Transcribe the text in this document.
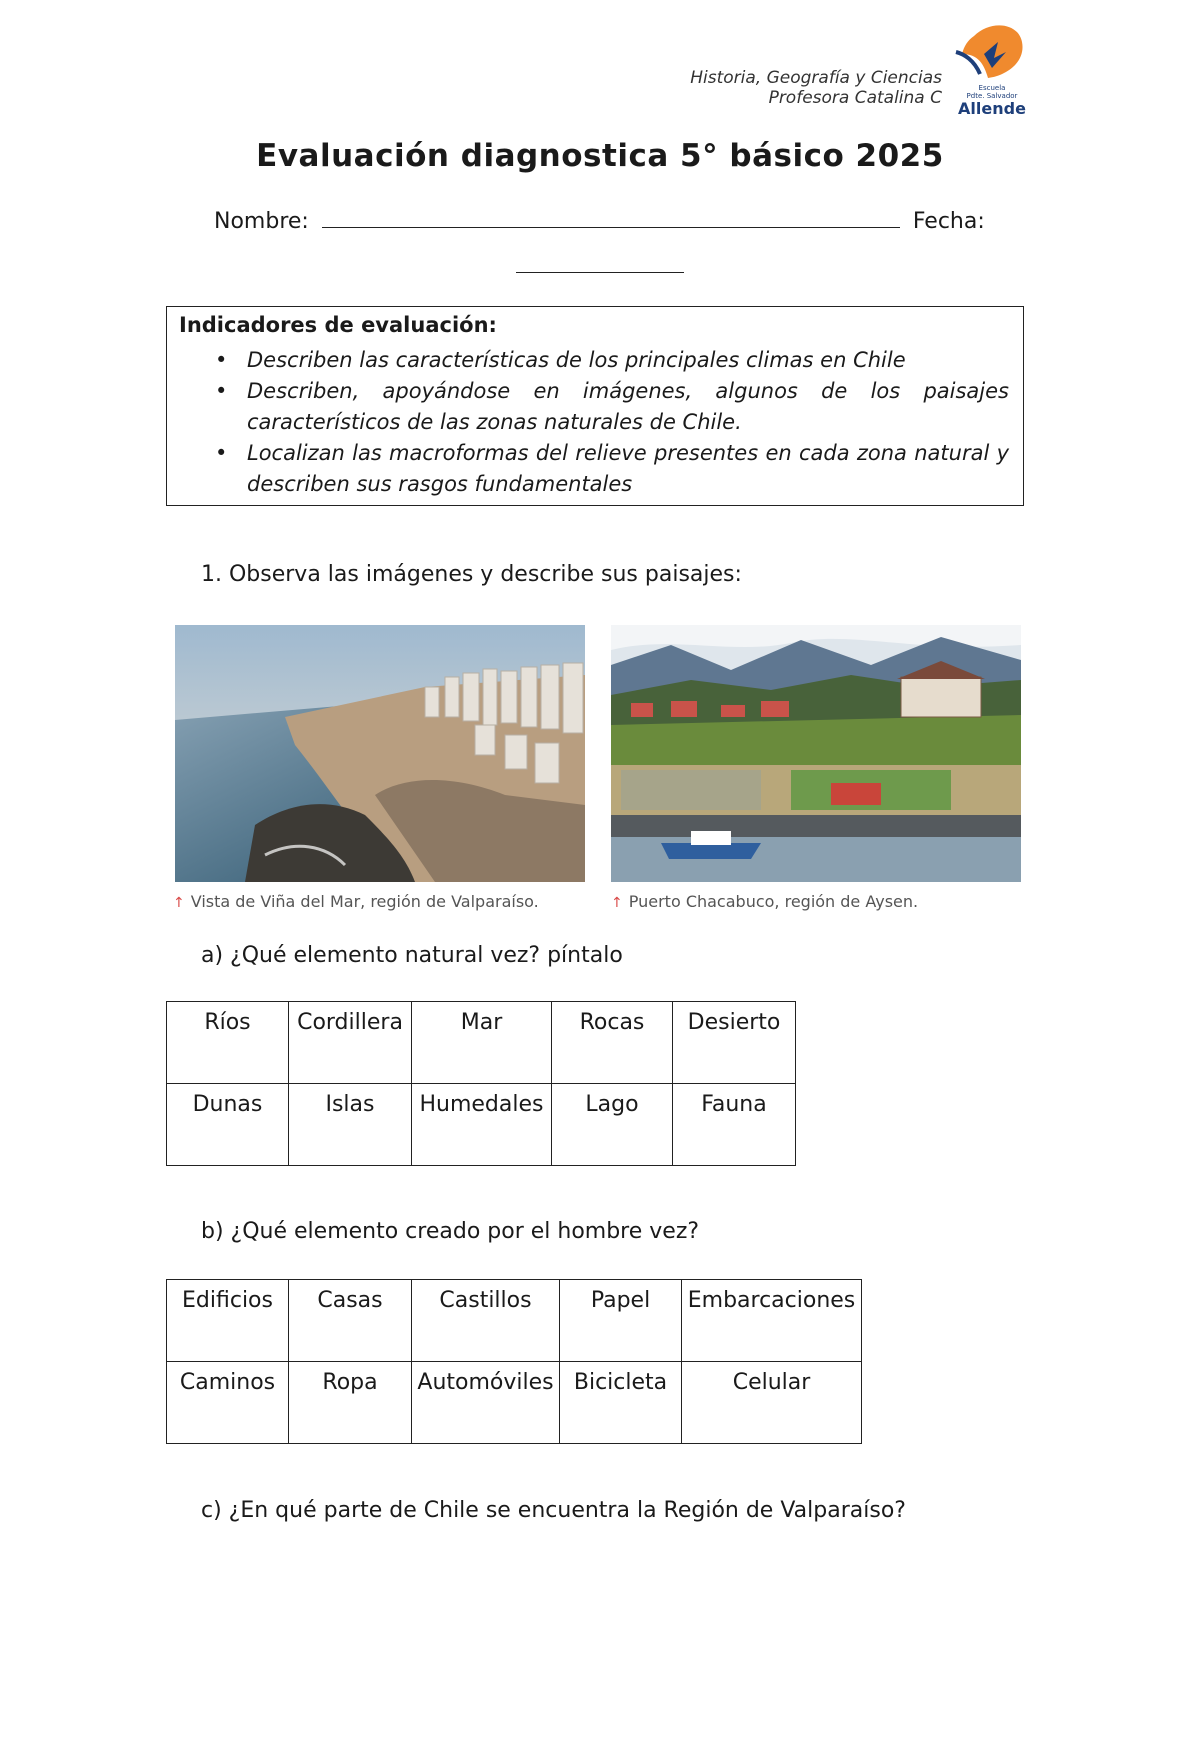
Historia, Geografía y Ciencias
Profesora Catalina C	Escuela
Pdte. Salvador
Allende
Evaluación diagnostica 5° básico 2025
Nombre:	Fecha:
Indicadores de evaluación:
• Describen las características de los principales climas en Chile
• Describen, apoyándose en imágenes, algunos de los paisajes característicos de las zonas naturales de Chile.
• Localizan las macroformas del relieve presentes en cada zona natural y describen sus rasgos fundamentales
1. Observa las imágenes y describe sus paisajes:
↑ Vista de Viña del Mar, región de Valparaíso.	↑ Puerto Chacabuco, región de Aysen.
a) ¿Qué elemento natural vez? píntalo
Ríos	Cordillera	Mar	Rocas	Desierto
Dunas	Islas	Humedales	Lago	Fauna
b) ¿Qué elemento creado por el hombre vez?
Edificios	Casas	Castillos	Papel	Embarcaciones
Caminos	Ropa	Automóviles	Bicicleta	Celular
c) ¿En qué parte de Chile se encuentra la Región de Valparaíso?
